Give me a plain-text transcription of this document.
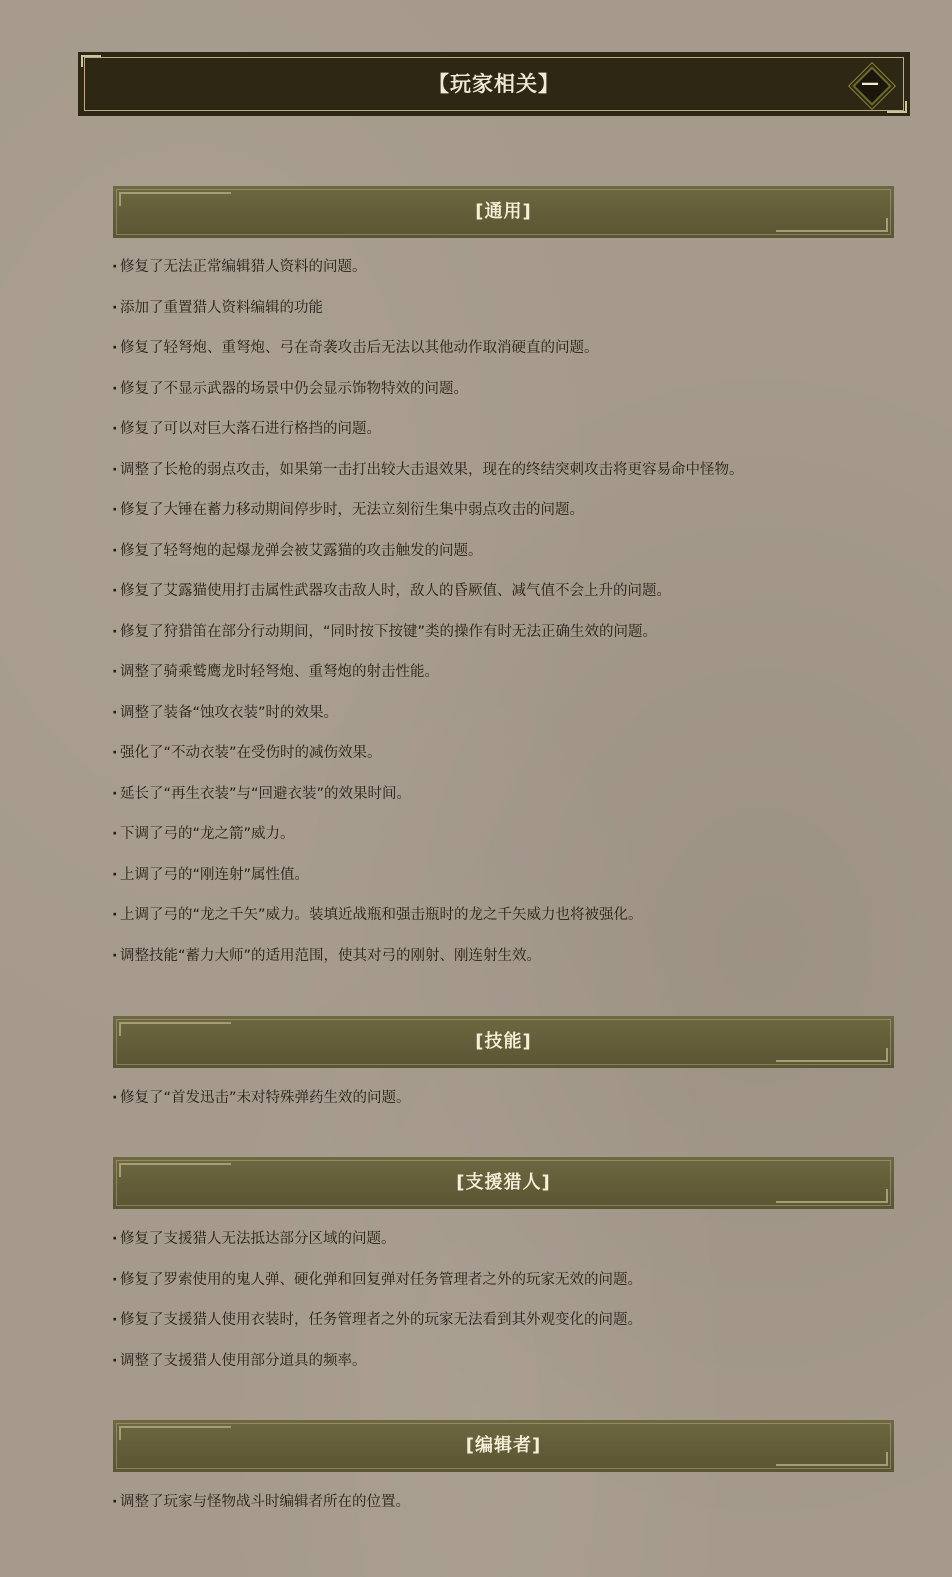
【玩家相关】	—
[通用]
· 修复了无法正常编辑猎人资料的问题。
· 添加了重置猎人资料编辑的功能
· 修复了轻弩炮、重弩炮、弓在奇袭攻击后无法以其他动作取消硬直的问题。
· 修复了不显示武器的场景中仍会显示饰物特效的问题。
· 修复了可以对巨大落石进行格挡的问题。
· 调整了长枪的弱点攻击，如果第一击打出较大击退效果，现在的终结突刺攻击将更容易命中怪物。
· 修复了大锤在蓄力移动期间停步时，无法立刻衍生集中弱点攻击的问题。
· 修复了轻弩炮的起爆龙弹会被艾露猫的攻击触发的问题。
· 修复了艾露猫使用打击属性武器攻击敌人时，敌人的昏厥值、减气值不会上升的问题。
· 修复了狩猎笛在部分行动期间，“同时按下按键”类的操作有时无法正确生效的问题。
· 调整了骑乘鹫鹰龙时轻弩炮、重弩炮的射击性能。
· 调整了装备“蚀攻衣装”时的效果。
· 强化了“不动衣装”在受伤时的减伤效果。
· 延长了“再生衣装”与“回避衣装”的效果时间。
· 下调了弓的“龙之箭”威力。
· 上调了弓的“刚连射”属性值。
· 上调了弓的“龙之千矢”威力。装填近战瓶和强击瓶时的龙之千矢威力也将被强化。
· 调整技能“蓄力大师”的适用范围，使其对弓的刚射、刚连射生效。
[技能]
· 修复了“首发迅击”未对特殊弹药生效的问题。
[支援猎人]
· 修复了支援猎人无法抵达部分区域的问题。
· 修复了罗索使用的鬼人弹、硬化弹和回复弹对任务管理者之外的玩家无效的问题。
· 修复了支援猎人使用衣装时，任务管理者之外的玩家无法看到其外观变化的问题。
· 调整了支援猎人使用部分道具的频率。
[编辑者]
· 调整了玩家与怪物战斗时编辑者所在的位置。
